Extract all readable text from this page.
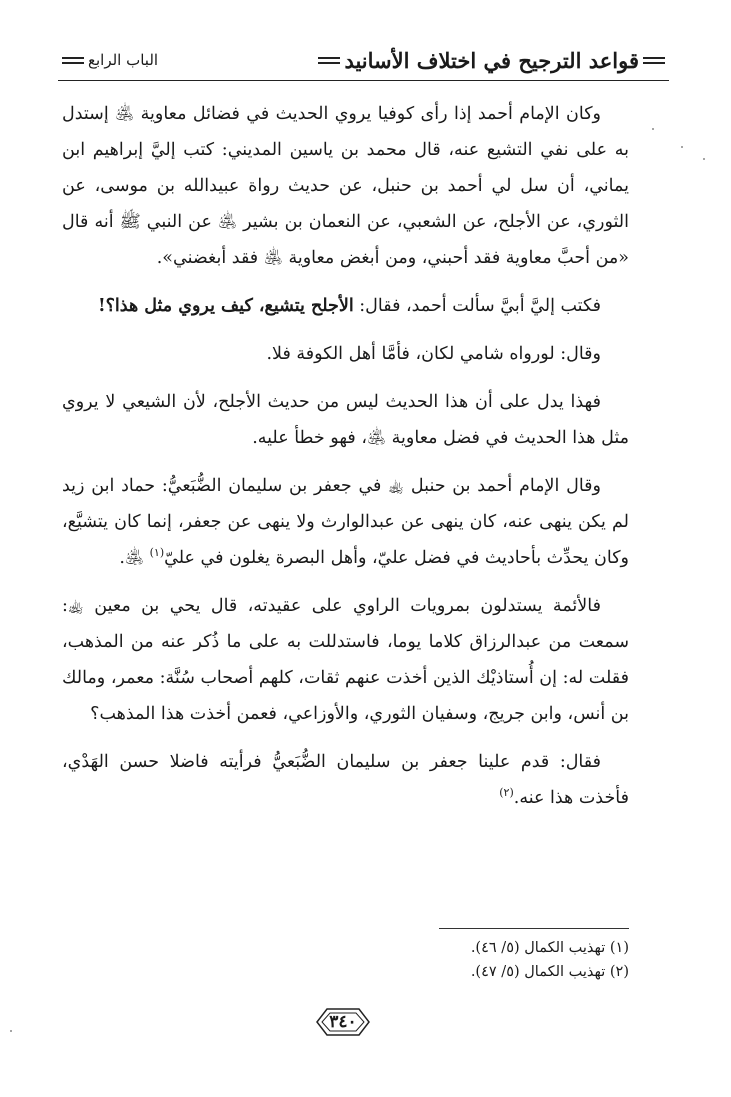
قواعد الترجيح في اختلاف الأسانيد
الباب الرابع

وكان الإمام أحمد إذا رأى كوفيا يروي الحديث في فضائل معاوية ﵁ إستدل به على نفي التشيع عنه، قال محمد بن ياسين المديني: كتب إليَّ إبراهيم ابن يماني، أن سل لي أحمد بن حنبل، عن حديث رواة عبيدالله بن موسى، عن الثوري، عن الأجلح، عن الشعبي، عن النعمان بن بشير ﵁ عن النبي ﷺ أنه قال «من أحبَّ معاوية فقد أحبني، ومن أبغض معاوية ﵁ فقد أبغضني».

فكتب إليَّ أبيَّ سألت أحمد، فقال: الأجلح يتشيع، كيف يروي مثل هذا؟!

وقال: لورواه شامي لكان، فأمَّا أهل الكوفة فلا.

فهذا يدل على أن هذا الحديث ليس من حديث الأجلح، لأن الشيعي لا يروي مثل هذا الحديث في فضل معاوية ﵁، فهو خطأ عليه.

وقال الإمام أحمد بن حنبل ﵀ في جعفر بن سليمان الضُّبَعيُّ: حماد ابن زيد لم يكن ينهى عنه، كان ينهى عن عبدالوارث ولا ينهى عن جعفر، إنما كان يتشيَّع، وكان يحدِّث بأحاديث في فضل عليّ، وأهل البصرة يغلون في عليّ$^{(١)}$ ﵁.

فالأئمة يستدلون بمرويات الراوي على عقيدته، قال يحي بن معين ﵀: سمعت من عبدالرزاق كلاما يوما، فاستدللت به على ما ذُكر عنه من المذهب، فقلت له: إن أُستاذيْك الذين أخذت عنهم ثقات، كلهم أصحاب سُنَّة: معمر، ومالك بن أنس، وابن جريج، وسفيان الثوري، والأوزاعي، فعمن أخذت هذا المذهب؟

فقال: قدم علينا جعفر بن سليمان الضُّبَعيُّ فرأيته فاضلا حسن الهَدْي، فأخذت هذا عنه.$^{(٢)}$

(١) تهذيب الكمال (٥/ ٤٦).

(٢) تهذيب الكمال (٥/ ٤٧).

٣٤٠
